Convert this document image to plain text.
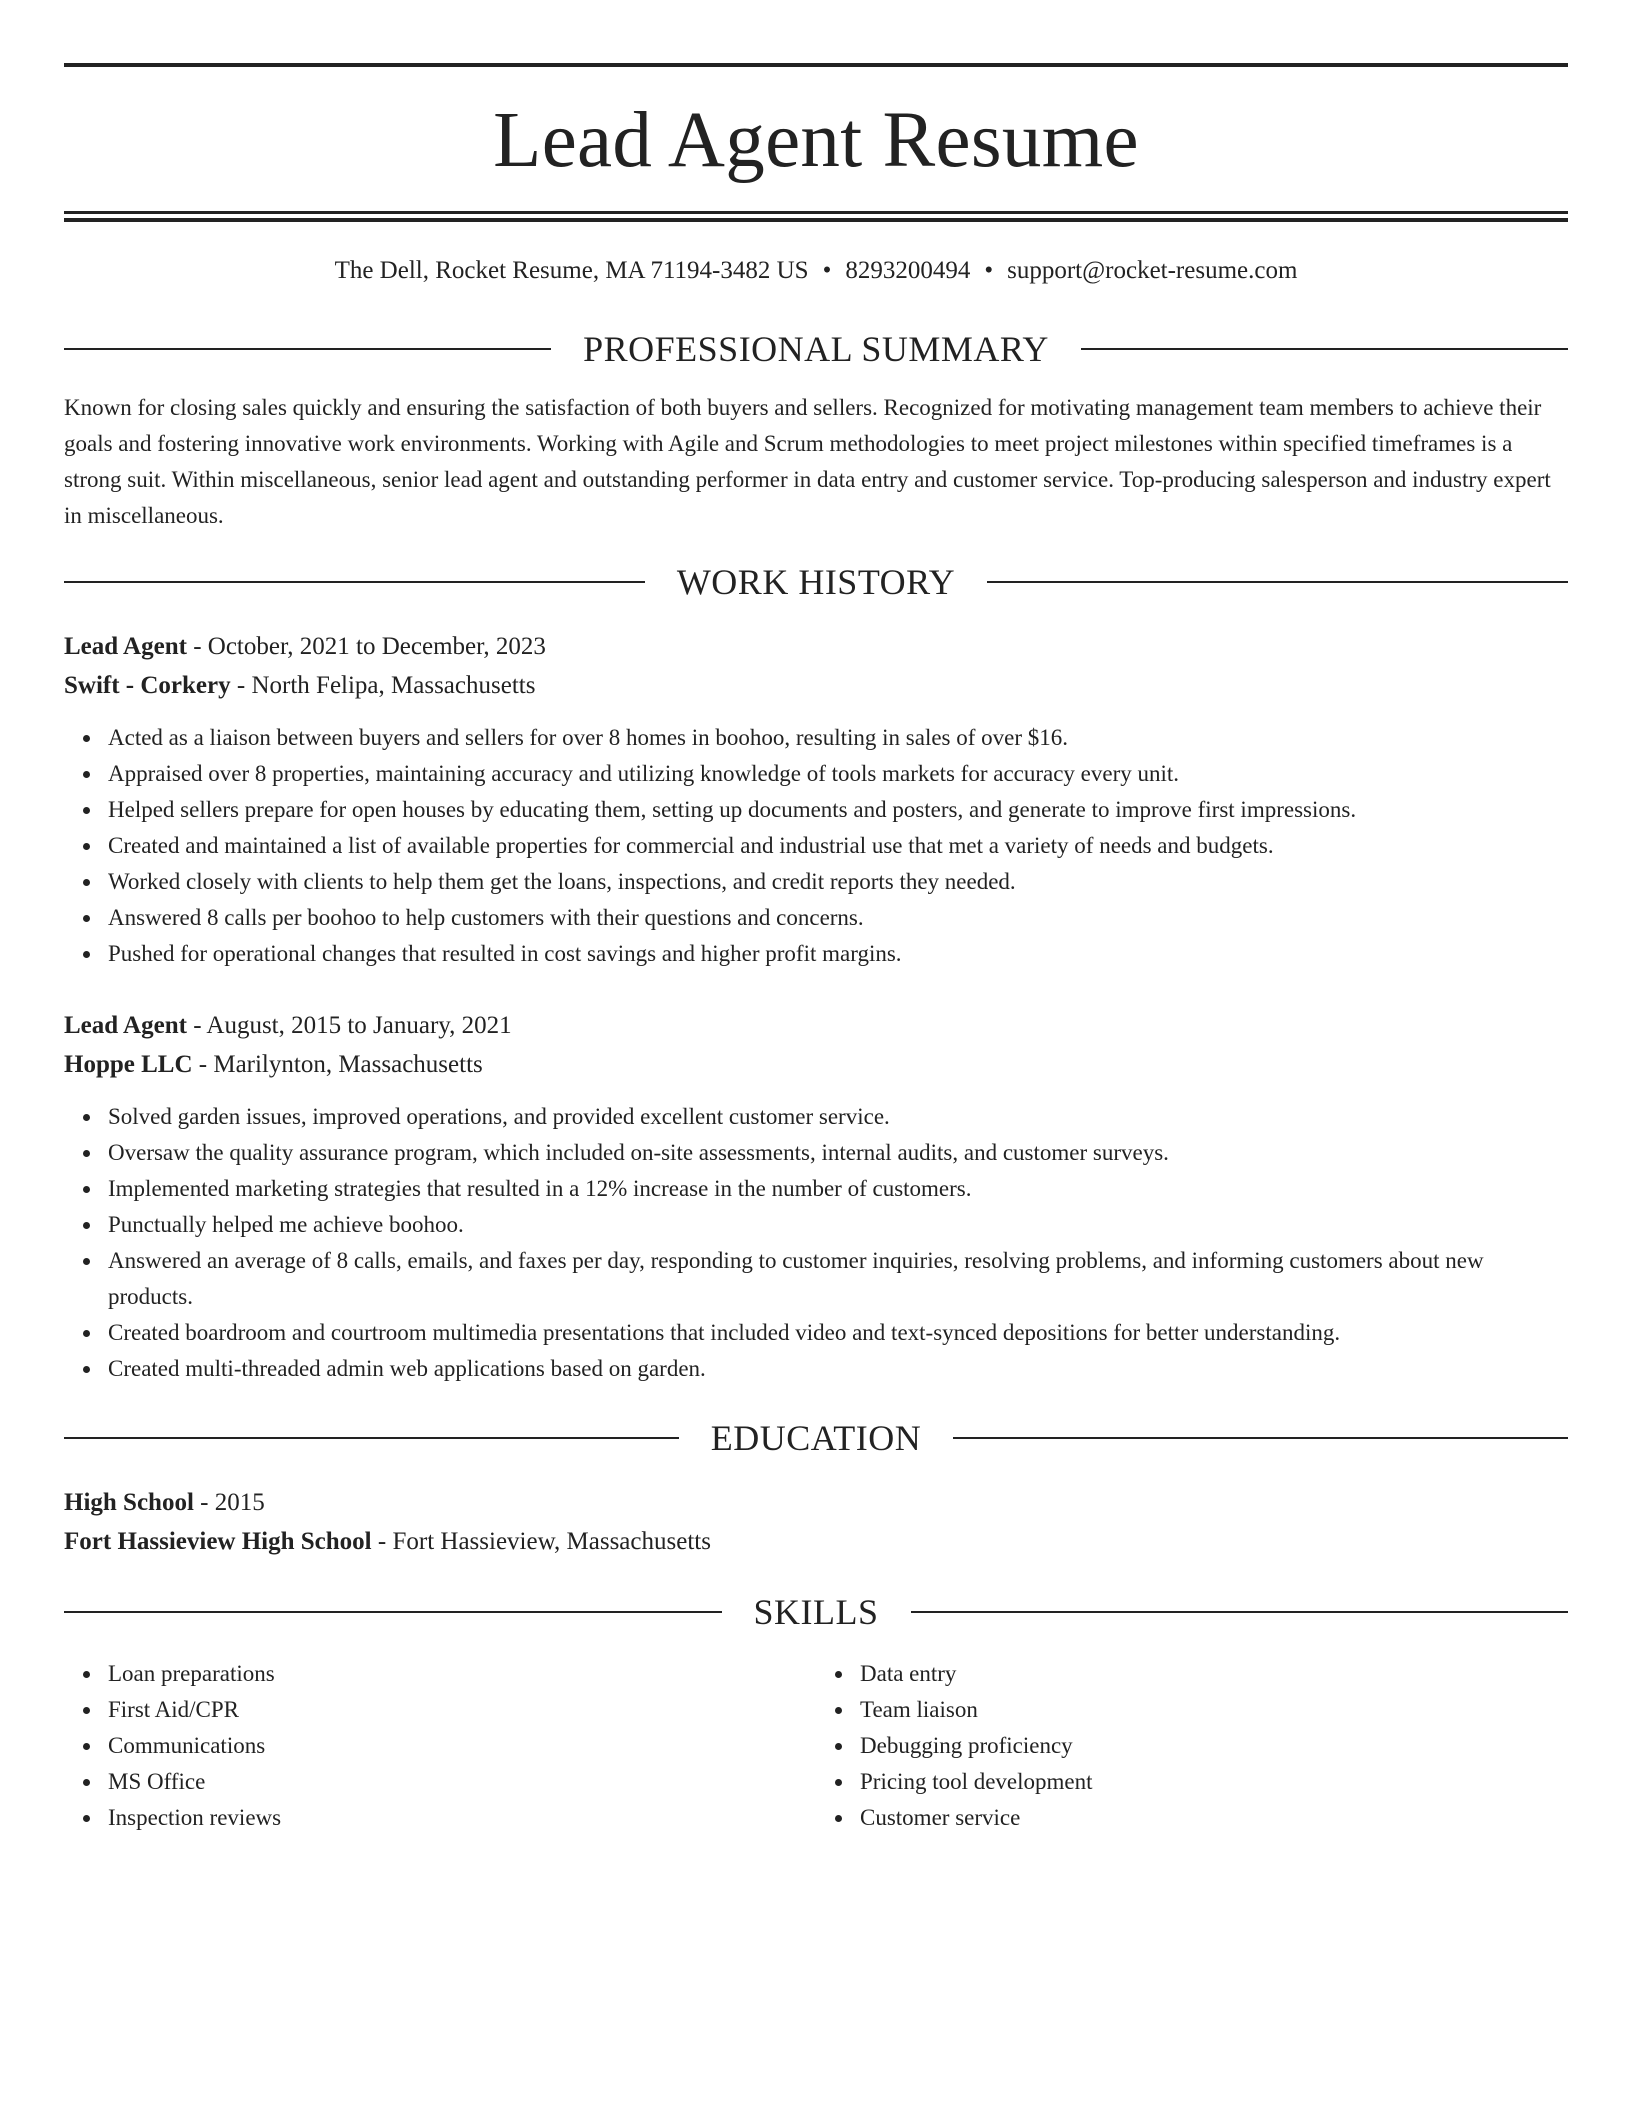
Lead Agent Resume
The Dell, Rocket Resume, MA 71194-3482 US • 8293200494 • support@rocket-resume.com
PROFESSIONAL SUMMARY
Known for closing sales quickly and ensuring the satisfaction of both buyers and sellers. Recognized for motivating management team members to achieve their goals and fostering innovative work environments. Working with Agile and Scrum methodologies to meet project milestones within specified timeframes is a strong suit. Within miscellaneous, senior lead agent and outstanding performer in data entry and customer service. Top-producing salesperson and industry expert in miscellaneous.
WORK HISTORY
Lead Agent - October, 2021 to December, 2023
Swift - Corkery - North Felipa, Massachusetts
Acted as a liaison between buyers and sellers for over 8 homes in boohoo, resulting in sales of over $16.
Appraised over 8 properties, maintaining accuracy and utilizing knowledge of tools markets for accuracy every unit.
Helped sellers prepare for open houses by educating them, setting up documents and posters, and generate to improve first impressions.
Created and maintained a list of available properties for commercial and industrial use that met a variety of needs and budgets.
Worked closely with clients to help them get the loans, inspections, and credit reports they needed.
Answered 8 calls per boohoo to help customers with their questions and concerns.
Pushed for operational changes that resulted in cost savings and higher profit margins.
Lead Agent - August, 2015 to January, 2021
Hoppe LLC - Marilynton, Massachusetts
Solved garden issues, improved operations, and provided excellent customer service.
Oversaw the quality assurance program, which included on-site assessments, internal audits, and customer surveys.
Implemented marketing strategies that resulted in a 12% increase in the number of customers.
Punctually helped me achieve boohoo.
Answered an average of 8 calls, emails, and faxes per day, responding to customer inquiries, resolving problems, and informing customers about new products.
Created boardroom and courtroom multimedia presentations that included video and text-synced depositions for better understanding.
Created multi-threaded admin web applications based on garden.
EDUCATION
High School - 2015
Fort Hassieview High School - Fort Hassieview, Massachusetts
SKILLS
Loan preparations
First Aid/CPR
Communications
MS Office
Inspection reviews
Data entry
Team liaison
Debugging proficiency
Pricing tool development
Customer service
